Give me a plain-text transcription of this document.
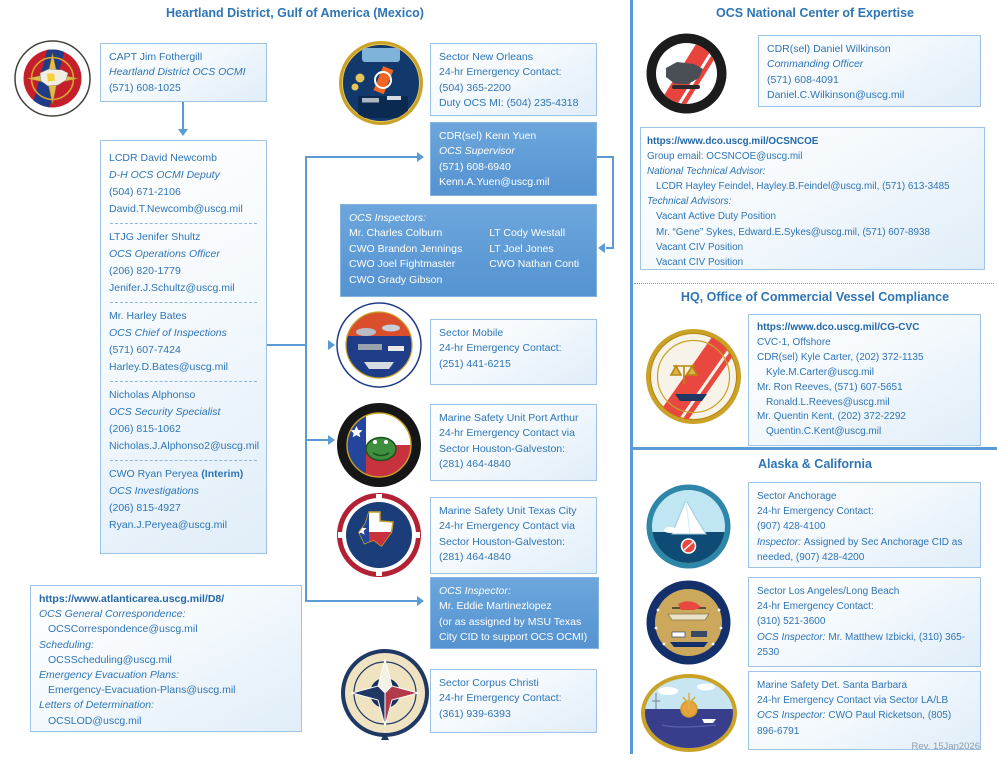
Heartland District, Gulf of America (Mexico)	OCS National Center of Expertise
HQ, Office of Commercial Vessel Compliance
Alaska & California
CAPT Jim Fothergill
Heartland District OCS OCMI
(571) 608-1025
LCDR David Newcomb
D-H OCS OCMI Deputy
(504) 671-2106
David.T.Newcomb@uscg.mil
LTJG Jenifer Shultz
OCS Operations Officer
(206) 820-1779
Jenifer.J.Schultz@uscg.mil
Mr. Harley Bates
OCS Chief of Inspections
(571) 607-7424
Harley.D.Bates@uscg.mil
Nicholas Alphonso
OCS Security Specialist
(206) 815-1062
Nicholas.J.Alphonso2@uscg.mil
CWO Ryan Peryea (Interim)
OCS Investigations
(206) 815-4927
Ryan.J.Peryea@uscg.mil
https://www.atlanticarea.uscg.mil/D8/
OCS General Correspondence:
OCSCorrespondence@uscg.mil
Scheduling:
OCSScheduling@uscg.mil
Emergency Evacuation Plans:
Emergency-Evacuation-Plans@uscg.mil
Letters of Determination:
OCSLOD@uscg.mil
Sector New Orleans
24-hr Emergency Contact:
(504) 365-2200
Duty OCS MI: (504) 235-4318
CDR(sel) Kenn Yuen
OCS Supervisor
(571) 608-6940
Kenn.A.Yuen@uscg.mil
OCS Inspectors:
Mr. Charles Colburn
CWO Brandon Jennings
CWO Joel Fightmaster
CWO Grady Gibson
LT Cody Westall
LT Joel Jones
CWO Nathan Conti
Sector Mobile
24-hr Emergency Contact:
(251) 441-6215
Marine Safety Unit Port Arthur
24-hr Emergency Contact via
Sector Houston-Galveston:
(281) 464-4840
Marine Safety Unit Texas City
24-hr Emergency Contact via
Sector Houston-Galveston:
(281) 464-4840
OCS Inspector:
Mr. Eddie Martinezlopez
(or as assigned by MSU Texas City CID to support OCS OCMI)
Sector Corpus Christi
24-hr Emergency Contact:
(361) 939-6393
CDR(sel) Daniel Wilkinson
Commanding Officer
(571) 608-4091
Daniel.C.Wilkinson@uscg.mil
https://www.dco.uscg.mil/OCSNCOE
Group email: OCSNCOE@uscg.mil
National Technical Advisor:
LCDR Hayley Feindel, Hayley.B.Feindel@uscg.mil, (571) 613-3485
Technical Advisors:
Vacant Active Duty Position
Mr. “Gene” Sykes, Edward.E.Sykes@uscg.mil, (571) 607-8938
Vacant CIV Position
Vacant CIV Position
https://www.dco.uscg.mil/CG-CVC
CVC-1, Offshore
CDR(sel) Kyle Carter, (202) 372-1135
Kyle.M.Carter@uscg.mil
Mr. Ron Reeves, (571) 607-5651
Ronald.L.Reeves@uscg.mil
Mr. Quentin Kent, (202) 372-2292
Quentin.C.Kent@uscg.mil
Sector Anchorage
24-hr Emergency Contact:
(907) 428-4100
Inspector: Assigned by Sec Anchorage CID as needed, (907) 428-4200
Sector Los Angeles/Long Beach
24-hr Emergency Contact:
(310) 521-3600
OCS Inspector: Mr. Matthew Izbicki, (310) 365-2530
Marine Safety Det. Santa Barbara
24-hr Emergency Contact via Sector LA/LB
OCS Inspector: CWO Paul Ricketson, (805) 896-6791
Rev. 15Jan2026
